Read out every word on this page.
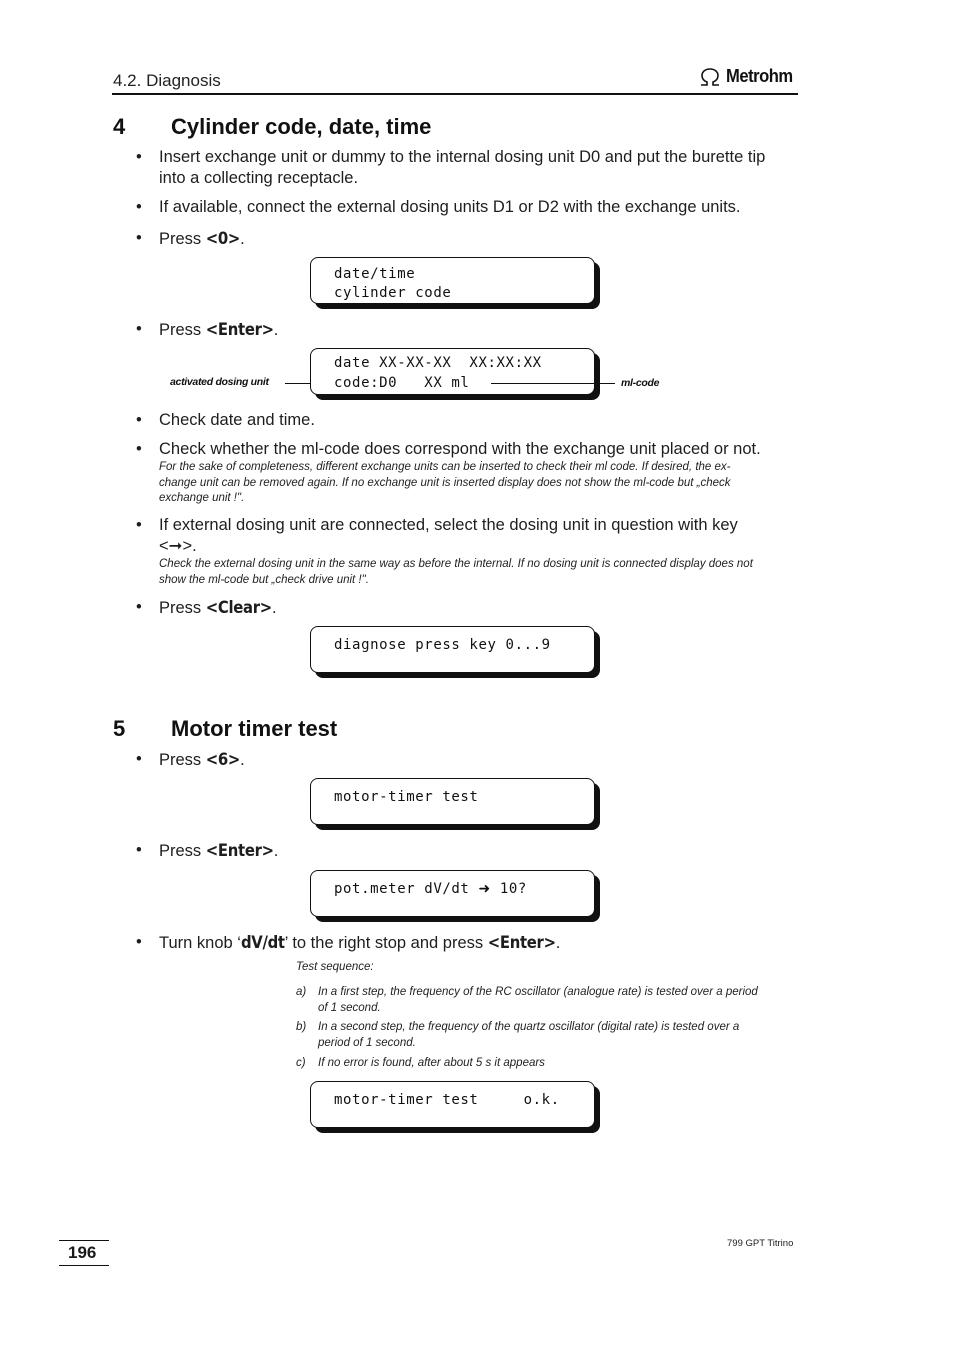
4.2. Diagnosis	Metrohm
4 Cylinder code, date, time
• Insert exchange unit or dummy to the internal dosing unit D0 and put the burette tip
into a collecting receptacle.
• If available, connect the external dosing units D1 or D2 with the exchange units.
• Press <0>.
date/time
cylinder code
• Press <Enter>.
activated dosing unit
date XX-XX-XX  XX:XX:XX
code:D0   XX ml	ml-code
• Check date and time.
• Check whether the ml-code does correspond with the exchange unit placed or not.
For the sake of completeness, different exchange units can be inserted to check their ml code. If desired, the ex-
change unit can be removed again. If no exchange unit is inserted display does not show the ml-code but „check
exchange unit !".
• If external dosing unit are connected, select the dosing unit in question with key
<➞>.
Check the external dosing unit in the same way as before the internal. If no dosing unit is connected display does not
show the ml-code but „check drive unit !".
• Press <Clear>.
diagnose press key 0...9
5 Motor timer test
• Press <6>.
motor-timer test
• Press <Enter>.
pot.meter dV/dt ➜ 10?
• Turn knob ‘dV/dt’ to the right stop and press <Enter>.
Test sequence:
a) In a first step, the frequency of the RC oscillator (analogue rate) is tested over a period
of 1 second.
b) In a second step, the frequency of the quartz oscillator (digital rate) is tested over a
period of 1 second.
c) If no error is found, after about 5 s it appears
motor-timer test     o.k.
196	799 GPT Titrino
